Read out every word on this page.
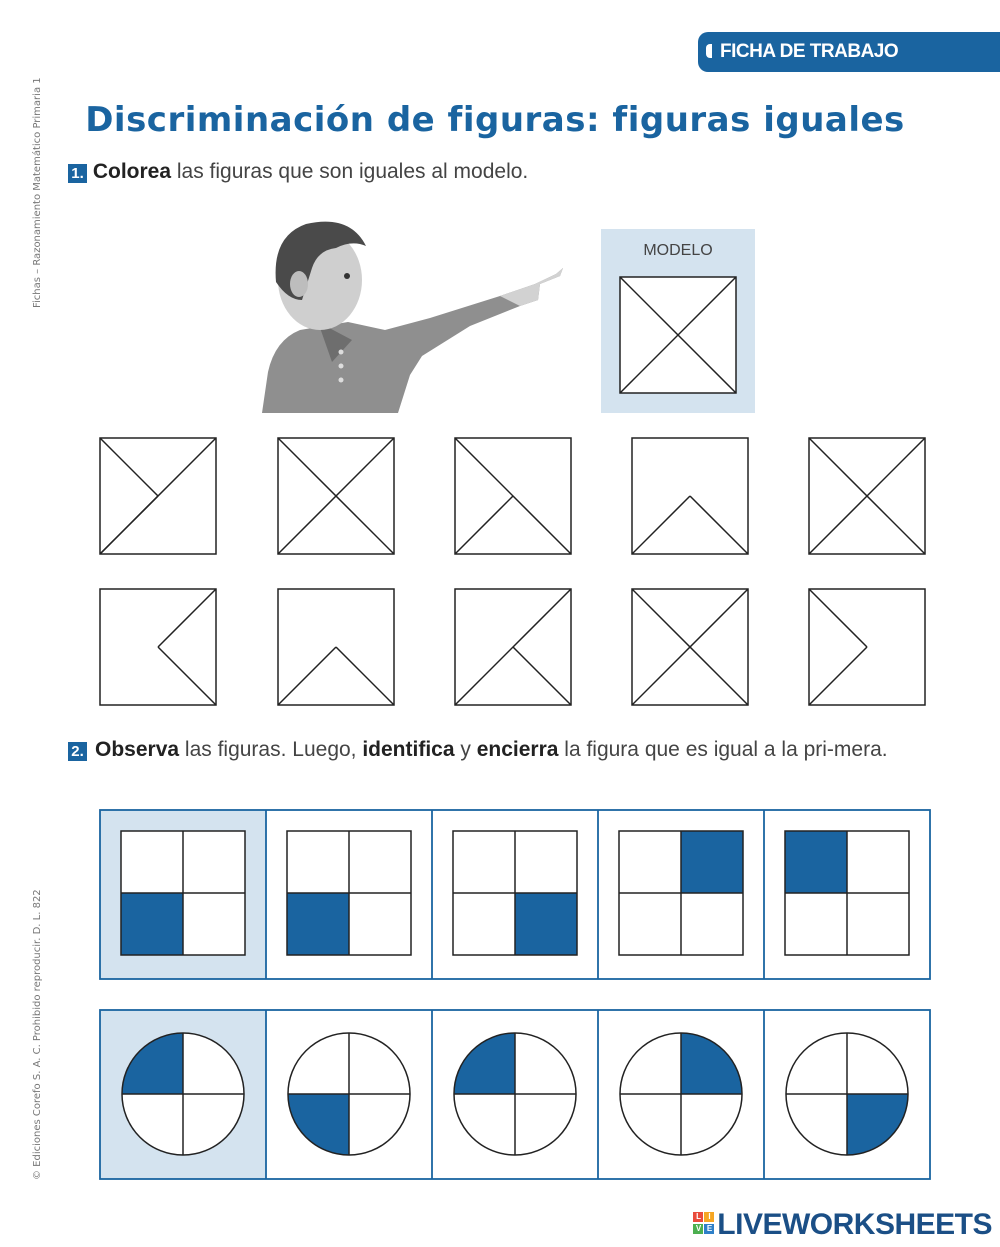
FICHA DE TRABAJO
Fichas – Razonamiento Matemático Primaria 1
© Ediciones Corefo S. A. C. Prohibido reproducir. D. L. 822
Discriminación de figuras: figuras iguales
1. Colorea las figuras que son iguales al modelo.
MODELO
2. Observa las figuras. Luego, identifica y encierra la figura que es igual a la pri-mera.
L I
V E LIVEWORKSHEETS
